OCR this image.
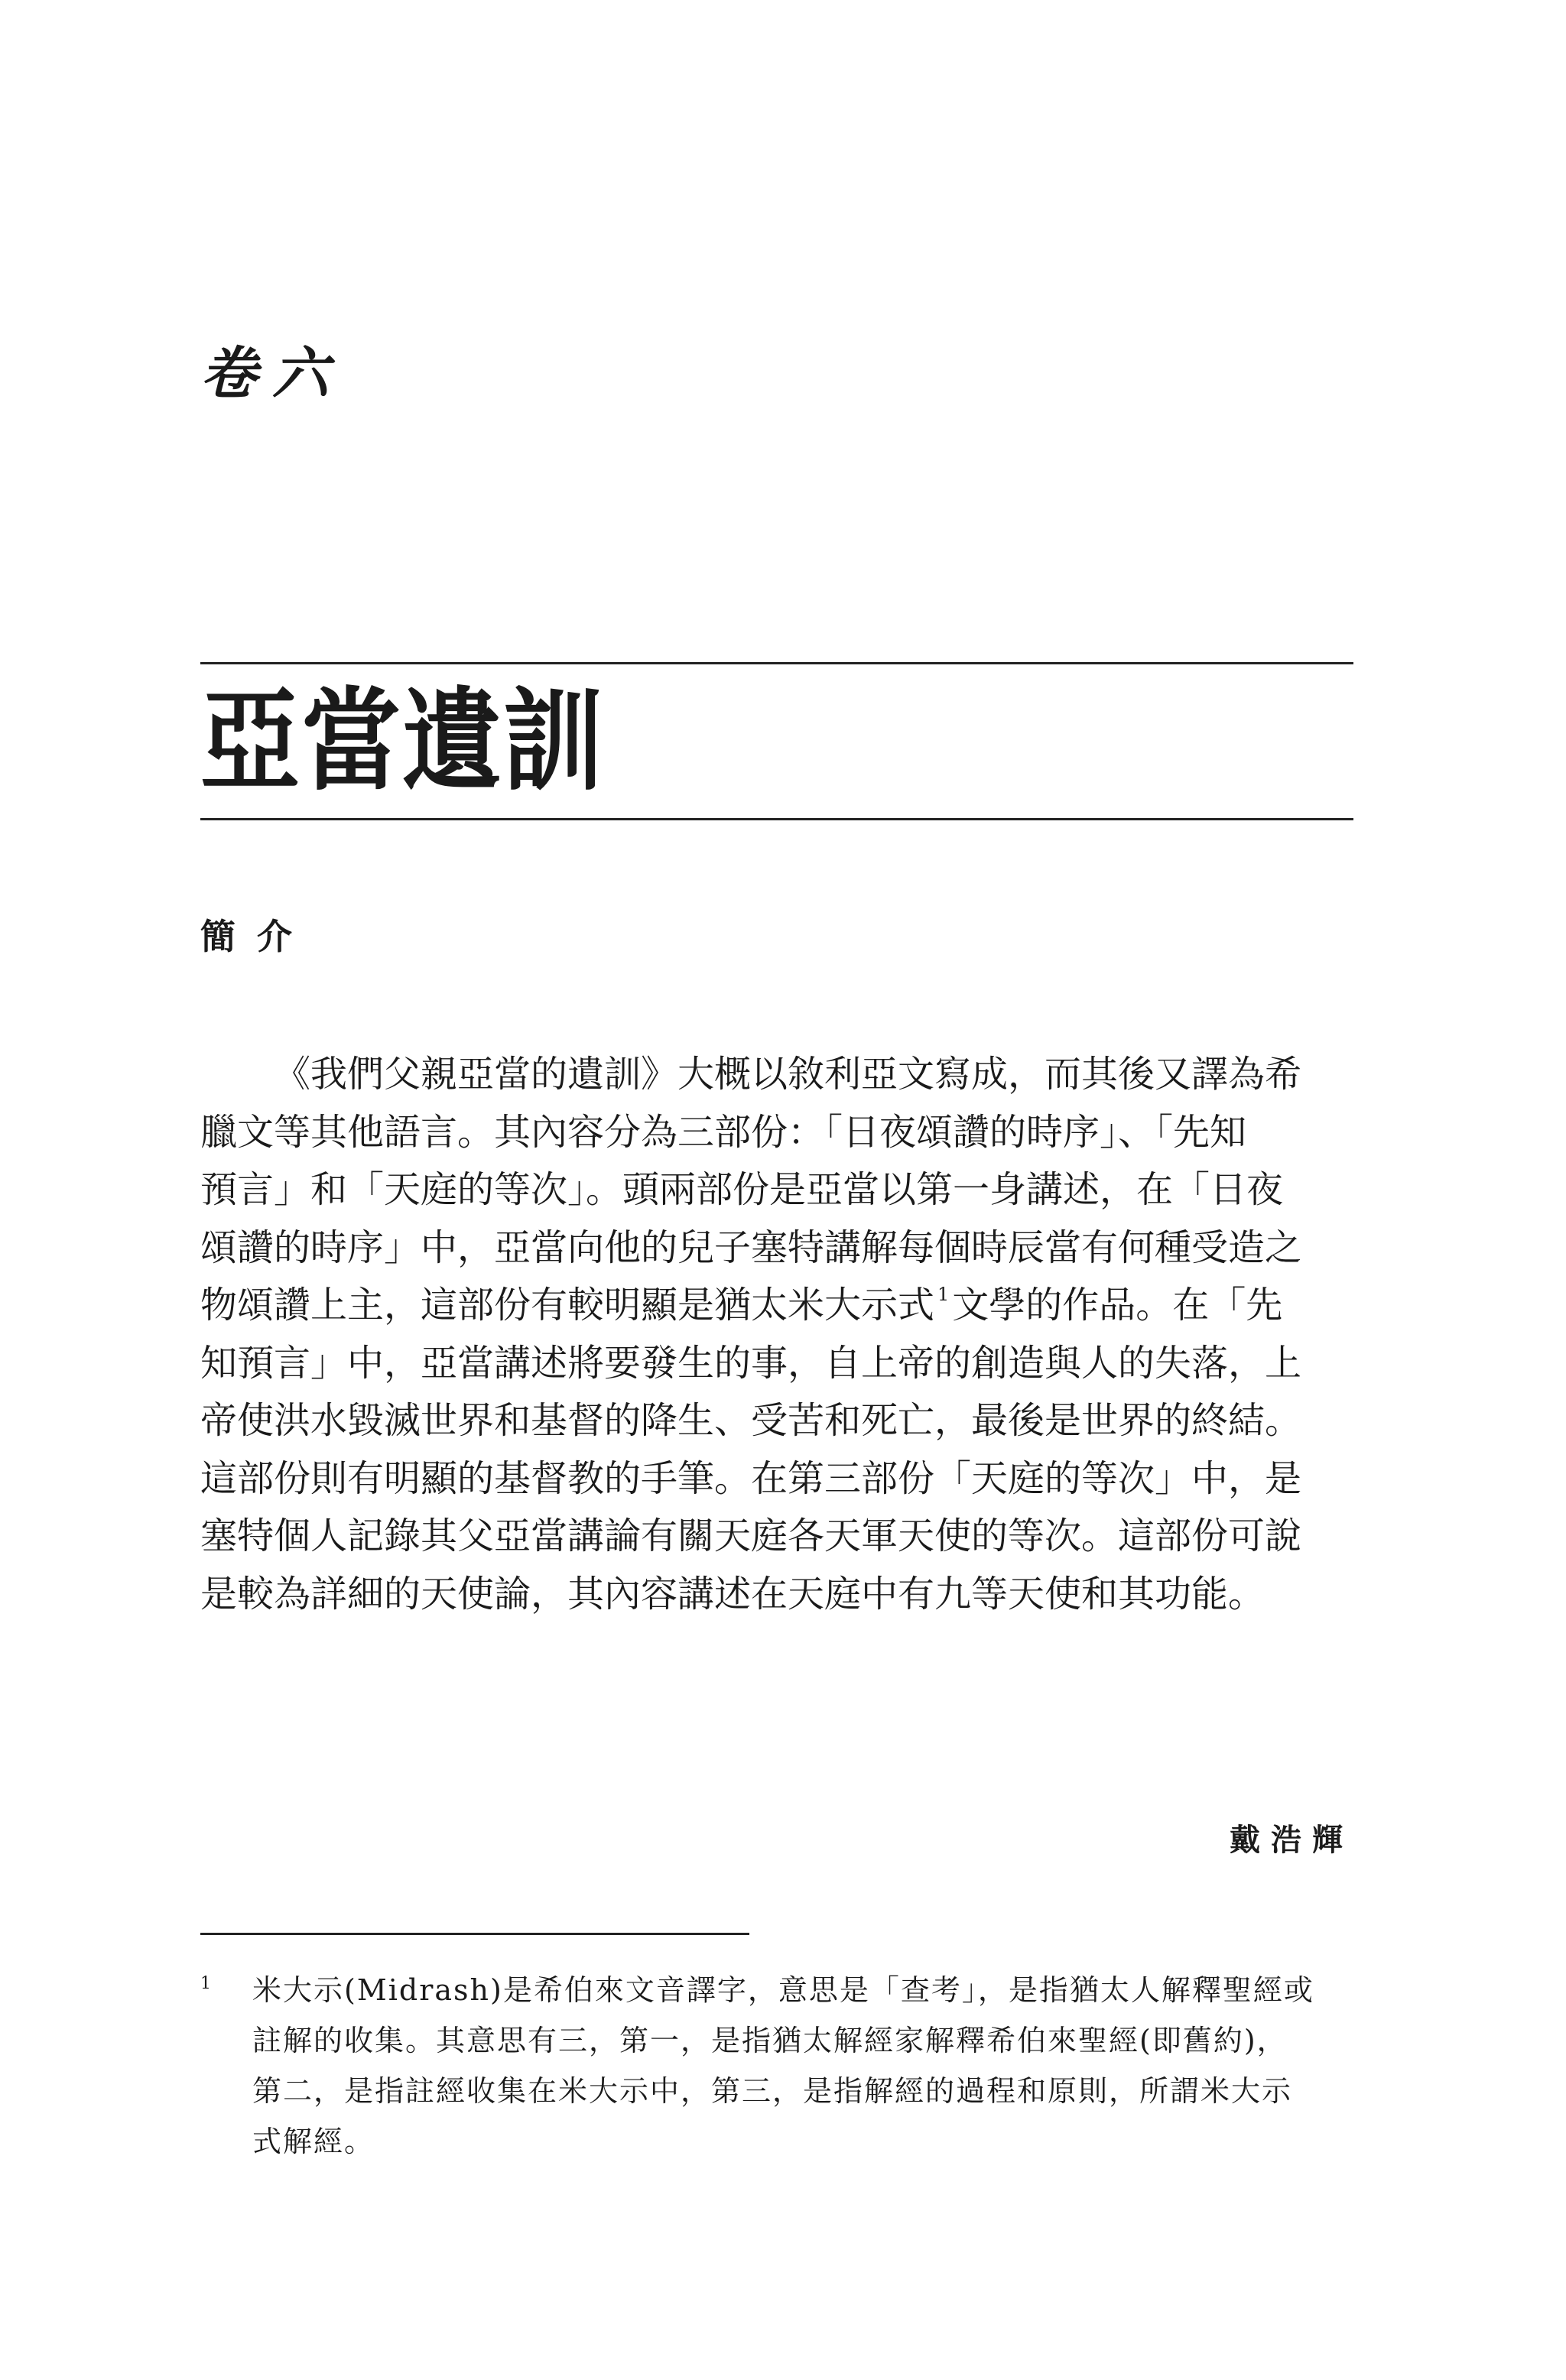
卷六
亞當遺訓
簡介
《我們父親亞當的遺訓》大概以敘利亞文寫成，而其後又譯為希
臘文等其他語言。其內容分為三部份：「日夜頌讚的時序」、「先知
預言」和「天庭的等次」。頭兩部份是亞當以第一身講述，在「日夜
頌讚的時序」中，亞當向他的兒子塞特講解每個時辰當有何種受造之
物頌讚上主，這部份有較明顯是猶太米大示式 $^1$文學的作品。在「先
知預言」中，亞當講述將要發生的事，自上帝的創造與人的失落，上
帝使洪水毀滅世界和基督的降生、受苦和死亡，最後是世界的終結。
這部份則有明顯的基督教的手筆。在第三部份「天庭的等次」中，是
塞特個人記錄其父亞當講論有關天庭各天軍天使的等次。這部份可說
是較為詳細的天使論，其內容講述在天庭中有九等天使和其功能。
戴浩輝
1 米大示(Midrash)是希伯來文音譯字，意思是「查考」，是指猶太人解釋聖經或
註解的收集。其意思有三，第一，是指猶太解經家解釋希伯來聖經(即舊約)，
第二，是指註經收集在米大示中，第三，是指解經的過程和原則，所謂米大示
式解經。
